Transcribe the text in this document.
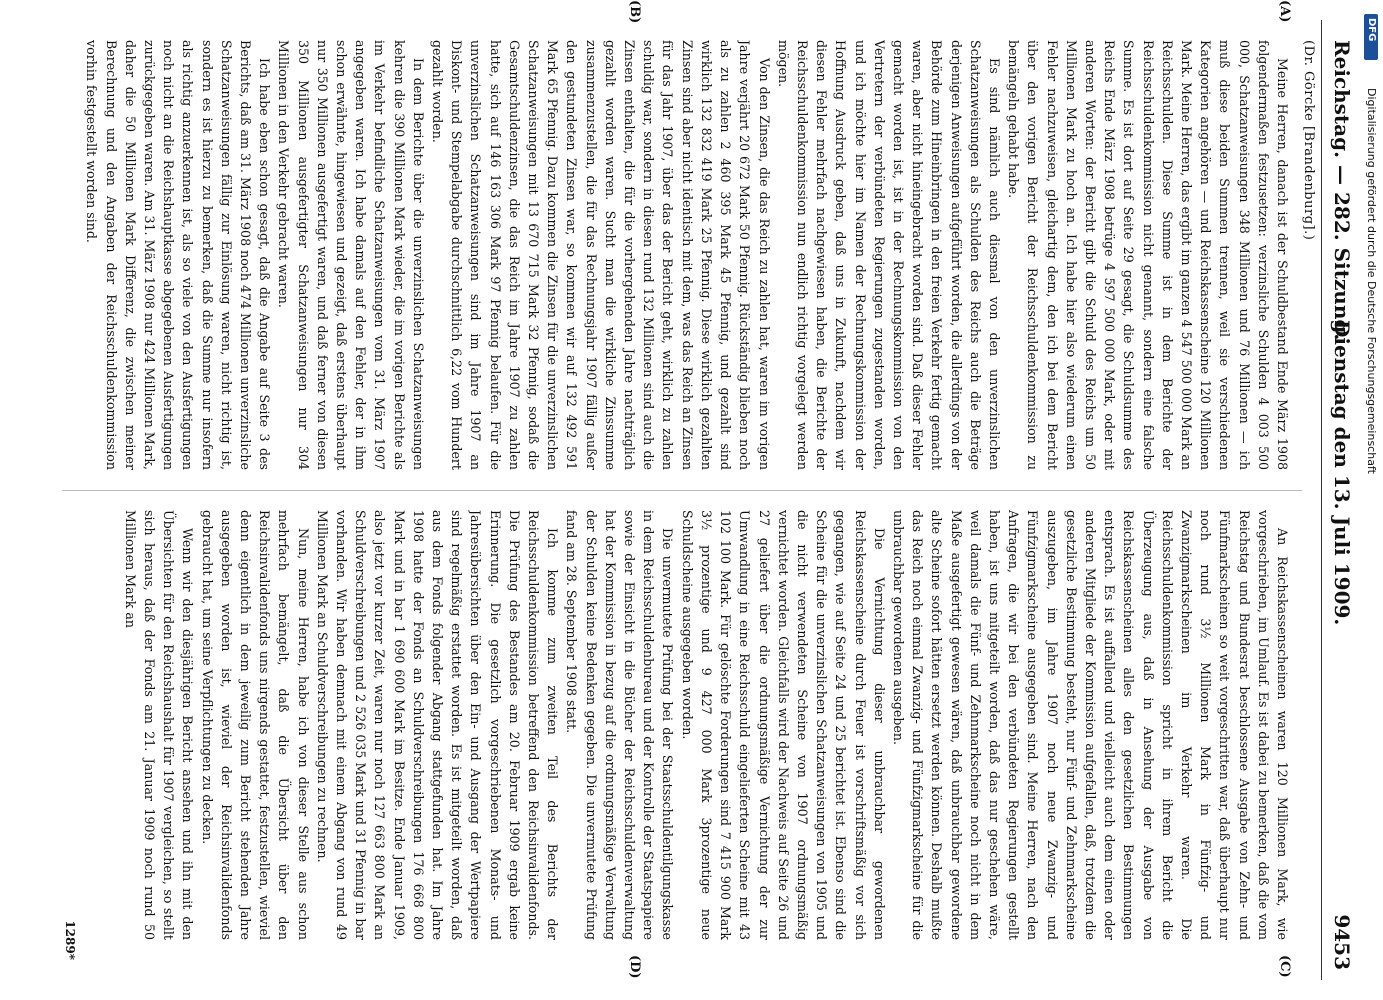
Reichstag. — 282. Sitzung.
Dienstag den 13. Juli 1909.
9453
(Dr. Görcke [Brandenburg].)
(A)
(B)
(C)
(D)

Meine Herren, danach ist der Schuldbestand Ende März 1908 folgendermaßen festzusetzen: verzinsliche Schulden 4 003 500 000, Schatzanweisungen 348 Millionen und 76 Millionen — ich muß diese beiden Summen trennen, weil sie verschiedenen Kategorien angehören — und Reichskassenscheine 120 Millionen Mark. Meine Herren, das ergibt im ganzen 4 547 500 000 Mark an Reichsschulden. Diese Summe ist in dem Berichte der Reichsschuldenkommission nicht genannt, sondern eine falsche Summe. Es ist dort auf Seite 29 gesagt, die Schuldsumme des Reichs Ende März 1908 betrüge 4 597 500 000 Mark, oder mit anderen Worten: der Bericht gibt die Schuld des Reichs um 50 Millionen Mark zu hoch an. Ich habe hier also wiederum einen Fehler nachzuweisen, gleichartig dem, den ich bei dem Bericht über den vorigen Bericht der Reichsschuldenkommission zu bemängeln gehabt habe.

Es sind nämlich auch diesmal von den unverzinslichen Schatzanweisungen als Schulden des Reichs auch die Beträge derjenigen Anweisungen aufgeführt worden, die allerdings von der Behörde zum Hineinbringen in den freien Verkehr fertig gemacht waren, aber nicht hineingebracht worden sind. Daß dieser Fehler gemacht worden ist, ist in der Rechnungskommission von den Vertretern der verbündeten Regierungen zugestanden worden, und ich möchte hier im Namen der Rechnungskommission der Hoffnung Ausdruck geben, daß uns in Zukunft, nachdem wir diesen Fehler mehrfach nachgewiesen haben, die Berichte der Reichsschuldenkommission nun endlich richtig vorgelegt werden mögen.

Von den Zinsen, die das Reich zu zahlen hat, waren im vorigen Jahre verjährt 20 672 Mark 50 Pfennig. Rückständig blieben noch als zu zahlen 2 460 395 Mark 45 Pfennig, und gezahlt sind wirklich 132 832 419 Mark 25 Pfennig. Diese wirklich gezahlten Zinsen sind aber nicht identisch mit dem, was das Reich an Zinsen für das Jahr 1907, über das der Bericht geht, wirklich zu zahlen schuldig war, sondern in diesen rund 132 Millionen sind auch die Zinsen enthalten, die für die vorhergehenden Jahre nachträglich gezahlt worden waren. Sucht man die wirkliche Zinssumme zusammenzustellen, die für das Rechnungsjahr 1907 fällig außer den gestundeten Zinsen war, so kommen wir auf 132 492 591 Mark 65 Pfennig. Dazu kommen die Zinsen für die unverzinslichen Schatzanweisungen mit 13 670 715 Mark 32 Pfennig, sodaß die Gesamtschuldenzinsen, die das Reich im Jahre 1907 zu zahlen hatte, sich auf 146 163 306 Mark 97 Pfennig belaufen. Für die unverzinslichen Schatzanweisungen sind im Jahre 1907 an Diskont- und Stempelabgabe durchschnittlich 6,22 vom Hundert gezahlt worden.

In dem Berichte über die unverzinslichen Schatzanweisungen kehren die 390 Millionen Mark wieder, die im vorigen Berichte als im Verkehr befindliche Schatzanweisungen vom 31. März 1907 angegeben waren. Ich habe damals auf den Fehler, der in ihm schon erwähnte, hingewiesen und gezeigt, daß erstens überhaupt nur 350 Millionen ausgefertigt waren, und daß ferner von diesen 350 Millionen ausgefertigter Schatzanweisungen nur 304 Millionen in den Verkehr gebracht waren.

Ich habe eben schon gesagt, daß die Angabe auf Seite 3 des Berichts, daß am 31. März 1908 noch 474 Millionen unverzinsliche Schatzanweisungen fällig zur Einlösung waren, nicht richtig ist, sondern es ist hierzu zu bemerken, daß die Summe nur insofern als richtig anzuerkennen ist, als so viele von den Ausfertigungen noch nicht an die Reichshauptkasse abgegebenen Ausfertigungen zurückgegeben waren. Am 31. März 1908 nur 424 Millionen Mark, daher die 50 Millionen Mark Differenz, die zwischen meiner Berechnung und den Angaben der Reichsschuldenkommission vorhin festgestellt worden sind.

An Reichskassenscheinen waren 120 Millionen Mark, wie vorgeschrieben, im Umlauf. Es ist dabei zu bemerken, daß die vom Reichstag und Bundesrat beschlossene Ausgabe von Zehn- und Fünfmarkscheinen so weit vorgeschritten war, daß überhaupt nur noch rund 3½ Millionen Mark in Fünfzig- und Zwanzigmarkscheinen im Verkehr waren. Die Reichsschuldenkommission spricht in ihrem Bericht die Überzeugung aus, daß in Ansehung der Ausgabe von Reichskassenscheinen alles den gesetzlichen Bestimmungen entsprach. Es ist auffallend und vielleicht auch dem einen oder anderen Mitgliede der Kommission aufgefallen, daß, trotzdem die gesetzliche Bestimmung besteht, nur Fünf- und Zehnmarkscheine auszugeben, im Jahre 1907 noch neue Zwanzig- und Fünfzigmarkscheine ausgegeben sind. Meine Herren, nach den Anfragen, die wir bei den verbündeten Regierungen gestellt haben, ist uns mitgeteilt worden, daß das nur geschehen wäre, weil damals die Fünf- und Zehnmarkscheine noch nicht in dem Maße ausgefertigt gewesen wären, daß unbrauchbar gewordene alte Scheine sofort hätten ersetzt werden können. Deshalb mußte das Reich noch einmal Zwanzig- und Fünfzigmarkscheine für die unbrauchbar gewordenen ausgeben.

Die Vernichtung dieser unbrauchbar gewordenen Reichskassenscheine durch Feuer ist vorschriftsmäßig vor sich gegangen, wie auf Seite 24 und 25 berichtet ist. Ebenso sind die Scheine für die unverzinslichen Schatzanweisungen von 1905 und die nicht verwendeten Scheine von 1907 ordnungsmäßig vernichtet worden. Gleichfalls wird der Nachweis auf Seite 26 und 27 geliefert über die ordnungsmäßige Vernichtung der zur Umwandlung in eine Reichsschuld eingelieferten Scheine mit 43 102 100 Mark. Für gelöschte Forderungen sind 7 415 900 Mark 3½ prozentige und 9 427 000 Mark 3prozentige neue Schuldscheine ausgegeben worden.

Die unvermutete Prüfung bei der Staatsschuldentilgungskasse in dem Reichsschuldenbureau und der Kontrolle der Staatspapiere sowie der Einsicht in die Bücher der Reichsschuldenverwaltung hat der Kommission in bezug auf die ordnungsmäßige Verwaltung der Schulden keine Bedenken gegeben. Die unvermutete Prüfung fand am 28. September 1908 statt.

Ich komme zum zweiten Teil des Berichts der Reichsschuldenkommission betreffend den Reichsinvalidenfonds. Die Prüfung des Bestandes am 20. Februar 1909 ergab keine Erinnerung. Die gesetzlich vorgeschriebenen Monats- und Jahresübersichten über den Ein- und Ausgang der Wertpapiere sind regelmäßig erstattet worden. Es ist mitgeteilt worden, daß aus dem Fonds folgender Abgang stattgefunden hat. Im Jahre 1908 hatte der Fonds an Schuldverschreibungen 176 668 800 Mark und in bar 1 690 600 Mark im Besitze. Ende Januar 1909, also jetzt vor kurzer Zeit, waren nur noch 127 663 800 Mark an Schuldverschreibungen und 2 526 035 Mark und 31 Pfennig in bar vorhanden. Wir haben demnach mit einem Abgang von rund 49 Millionen Mark an Schuldverschreibungen zu rechnen.

Nun, meine Herren, habe ich von dieser Stelle aus schon mehrfach bemängelt, daß die Übersicht über den Reichsinvalidenfonds uns nirgends gestattet, festzustellen, wieviel denn eigentlich in dem jeweilig zum Bericht stehenden Jahre ausgegeben worden ist, wieviel der Reichsinvalidenfonds gebraucht hat, um seine Verpflichtungen zu decken.

Wenn wir den diesjährigen Bericht ansehen und ihn mit den Übersichten für den Reichshaushalt für 1907 vergleichen, so stellt sich heraus, daß der Fonds am 21. Januar 1909 noch rund 50 Millionen Mark an

1289*
DFG
Digitalisierung gefördert durch die Deutsche Forschungsgemeinschaft
